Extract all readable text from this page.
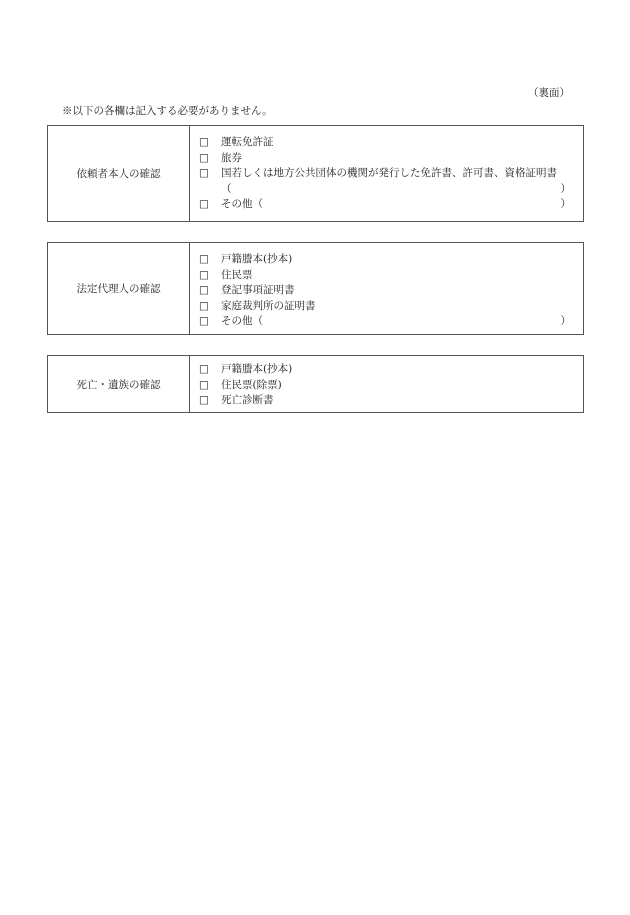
（裏面）
※以下の各欄は記入する必要がありません。
依頼者本人の確認
□	運転免許証
□	旅券
□	国若しくは地方公共団体の機関が発行した免許書、許可書、資格証明書
（	）
□	その他（	）
法定代理人の確認
□	戸籍謄本(抄本)
□	住民票
□	登記事項証明書
□	家庭裁判所の証明書
□	その他（	）
死亡・遺族の確認
□	戸籍謄本(抄本)
□	住民票(除票)
□	死亡診断書
